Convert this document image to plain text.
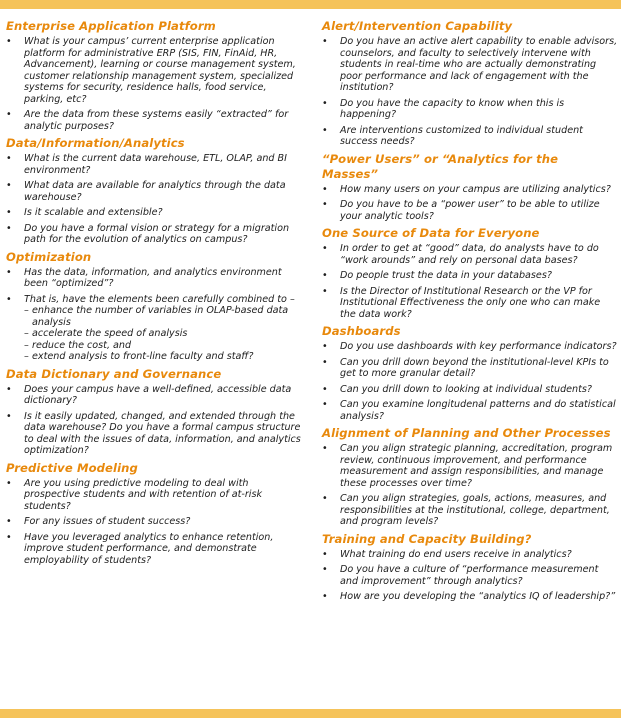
Enterprise Application Platform
• What is your campus’ current enterprise application platform for administrative ERP (SIS, FIN, FinAid, HR, Advancement), learning or course management system, customer relationship management system, specialized systems for security, residence halls, food service, parking, etc?
• Are the data from these systems easily “extracted” for analytic purposes?
Data/Information/Analytics
• What is the current data warehouse, ETL, OLAP, and BI environment?
• What data are available for analytics through the data warehouse?
• Is it scalable and extensible?
• Do you have a formal vision or strategy for a migration path for the evolution of analytics on campus?
Optimization
• Has the data, information, and analytics environment been “optimized”?
• That is, have the elements been carefully combined to –
– enhance the number of variables in OLAP-based data analysis
– accelerate the speed of analysis
– reduce the cost, and
– extend analysis to front-line faculty and staff?
Data Dictionary and Governance
• Does your campus have a well-defined, accessible data dictionary?
• Is it easily updated, changed, and extended through the data warehouse? Do you have a formal campus structure to deal with the issues of data, information, and analytics optimization?
Predictive Modeling
• Are you using predictive modeling to deal with prospective students and with retention of at-risk students?
• For any issues of student success?
• Have you leveraged analytics to enhance retention, improve student performance, and demonstrate employability of students?
Alert/Intervention Capability
• Do you have an active alert capability to enable advisors, counselors, and faculty to selectively intervene with students in real-time who are actually demonstrating poor performance and lack of engagement with the institution?
• Do you have the capacity to know when this is happening?
• Are interventions customized to individual student success needs?
“Power Users” or “Analytics for the Masses”
• How many users on your campus are utilizing analytics?
• Do you have to be a “power user” to be able to utilize your analytic tools?
One Source of Data for Everyone
• In order to get at “good” data, do analysts have to do “work arounds” and rely on personal data bases?
• Do people trust the data in your databases?
• Is the Director of Institutional Research or the VP for Institutional Effectiveness the only one who can make the data work?
Dashboards
• Do you use dashboards with key performance indicators?
• Can you drill down beyond the institutional-level KPIs to get to more granular detail?
• Can you drill down to looking at individual students?
• Can you examine longitudenal patterns and do statistical analysis?
Alignment of Planning and Other Processes
• Can you align strategic planning, accreditation, program review, continuous improvement, and performance measurement and assign responsibilities, and manage these processes over time?
• Can you align strategies, goals, actions, measures, and responsibilities at the institutional, college, department, and program levels?
Training and Capacity Building?
• What training do end users receive in analytics?
• Do you have a culture of “performance measurement and improvement” through analytics?
• How are you developing the “analytics IQ of leadership?”
